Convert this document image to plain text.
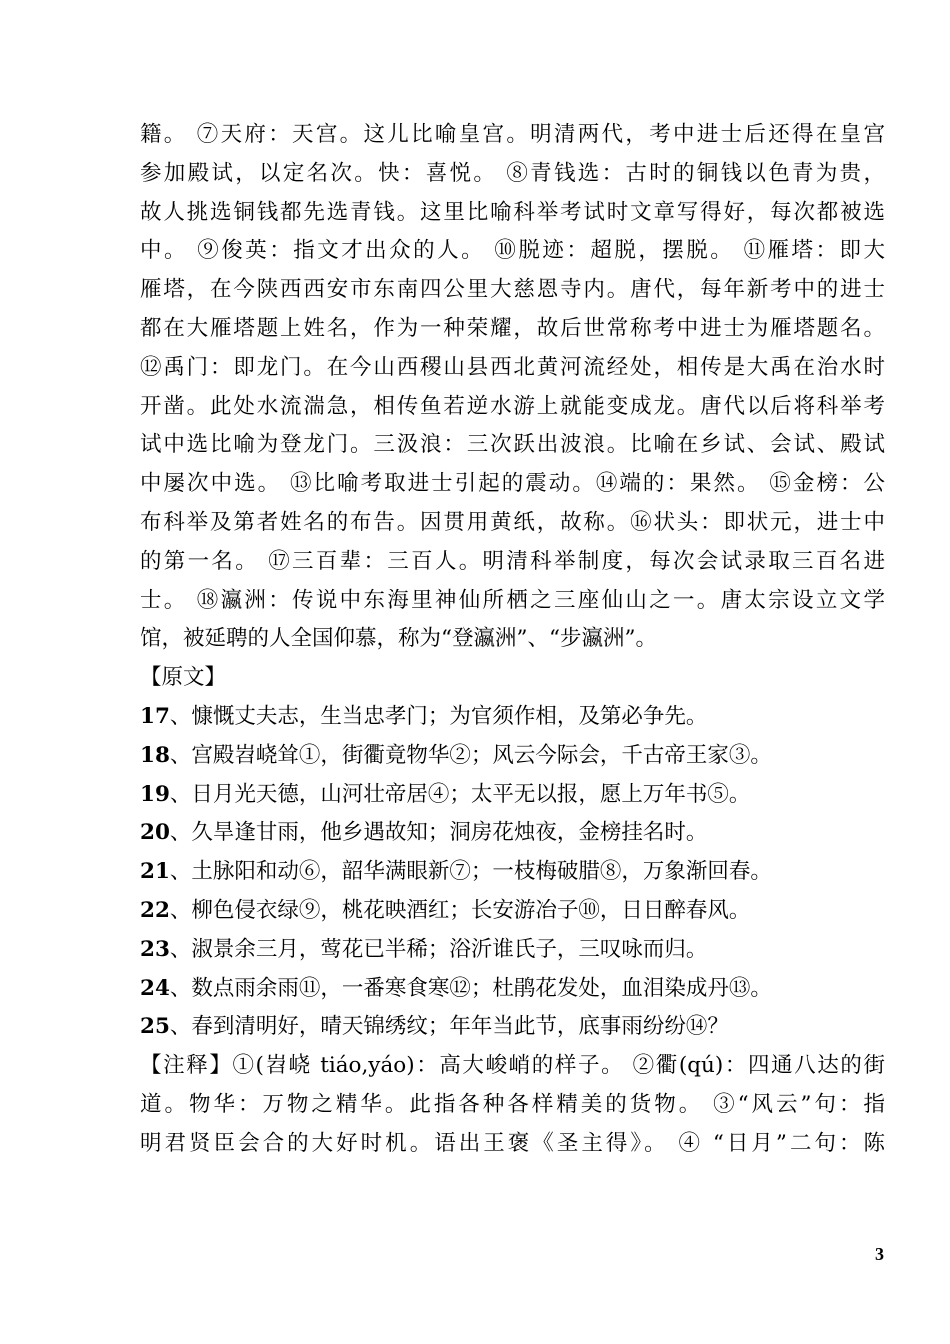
籍。 ⑦天府：天宫。这儿比喻皇宫。明清两代，考中进士后还得在皇宫
参加殿试，以定名次。快：喜悦。 ⑧青钱选：古时的铜钱以色青为贵，
故人挑选铜钱都先选青钱。这里比喻科举考试时文章写得好，每次都被选
中。 ⑨俊英：指文才出众的人。 ⑩脱迹：超脱，摆脱。 ⑪雁塔：即大
雁塔，在今陕西西安市东南四公里大慈恩寺内。唐代，每年新考中的进士
都在大雁塔题上姓名，作为一种荣耀，故后世常称考中进士为雁塔题名。
⑫禹门：即龙门。在今山西稷山县西北黄河流经处，相传是大禹在治水时
开凿。此处水流湍急，相传鱼若逆水游上就能变成龙。唐代以后将科举考
试中选比喻为登龙门。三汲浪：三次跃出波浪。比喻在乡试、会试、殿试
中屡次中选。 ⑬比喻考取进士引起的震动。⑭端的：果然。 ⑮金榜：公
布科举及第者姓名的布告。因贯用黄纸，故称。⑯状头：即状元，进士中
的第一名。 ⑰三百辈：三百人。明清科举制度，每次会试录取三百名进
士。 ⑱瀛洲：传说中东海里神仙所栖之三座仙山之一。唐太宗设立文学
馆，被延聘的人全国仰慕，称为“登瀛洲”、“步瀛洲”。
【原文】
17、慷慨丈夫志，生当忠孝门；为官须作相，及第必争先。
18、宫殿岧峣耸①，街衢竟物华②；风云今际会，千古帝王家③。
19、日月光天德，山河壮帝居④；太平无以报，愿上万年书⑤。
20、久旱逢甘雨，他乡遇故知；洞房花烛夜，金榜挂名时。
21、土脉阳和动⑥，韶华满眼新⑦；一枝梅破腊⑧，万象渐回春。
22、柳色侵衣绿⑨，桃花映酒红；长安游冶子⑩，日日醉春风。
23、淑景余三月，莺花已半稀；浴沂谁氏子，三叹咏而归。
24、数点雨余雨⑪，一番寒食寒⑫；杜鹃花发处，血泪染成丹⑬。
25、春到清明好，晴天锦绣纹；年年当此节，底事雨纷纷⑭？
【注释】①(岧峣 tiáo,yáo)：高大峻峭的样子。 ②衢(qú)：四通八达的街
道。物华：万物之精华。此指各种各样精美的货物。 ③“风云”句：指
明君贤臣会合的大好时机。语出王褒《圣主得》。 ④ “日月”二句：陈
3
